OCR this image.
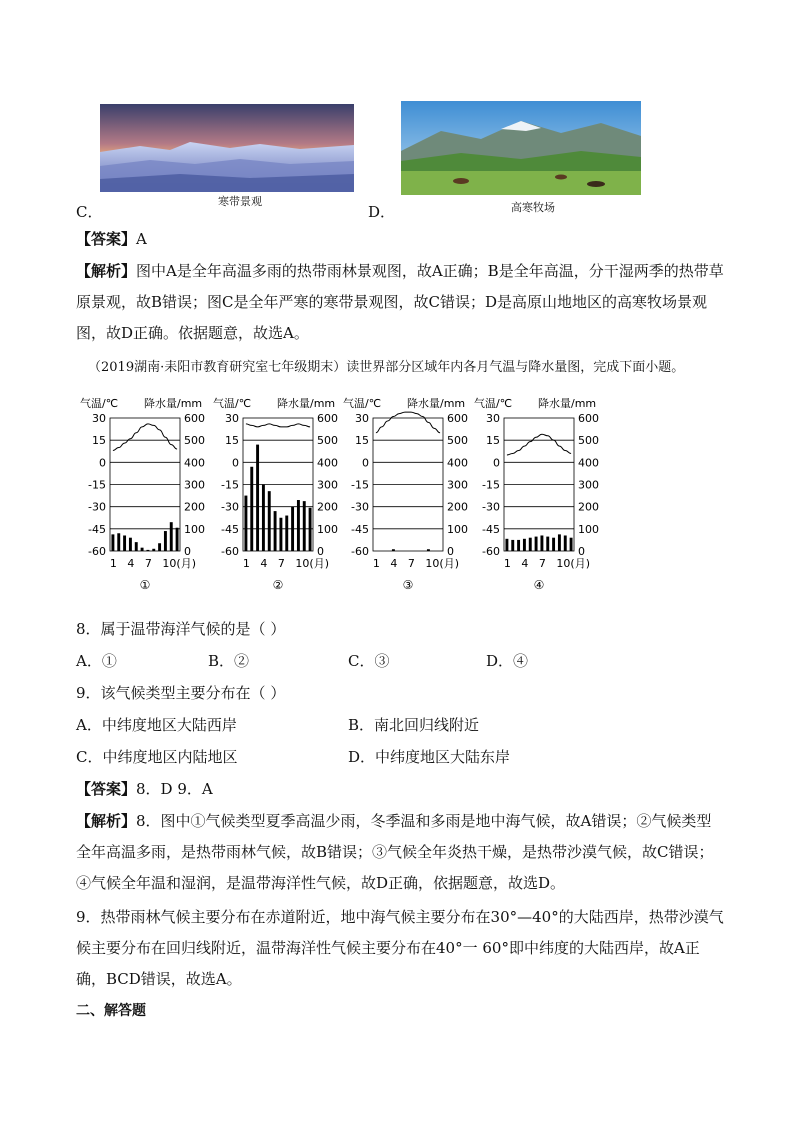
寒带景观
C．	高寒牧场
D．
【答案】A
【解析】图中A是全年高温多雨的热带雨林景观图，故A正确；B是全年高温，分干湿两季的热带草原景观，故B错误；图C是全年严寒的寒带景观图，故C错误；D是高原山地地区的高寒牧场景观图，故D正确。依据题意，故选A。
（2019湖南·耒阳市教育研究室七年级期末）读世界部分区域年内各月气温与降水量图，完成下面小题。
气温/℃ 降水量/mm
30	600
15	500
0	400
-15	300
-30	200
-45	100
-60	0
1 4 7 10(月)
①
气温/℃ 降水量/mm
30	600
15	500
0	400
-15	300
-30	200
-45	100
-60	0
1 4 7 10(月)
②
气温/℃ 降水量/mm
30	600
15	500
0	400
-15	300
-30	200
-45	100
-60	0
1 4 7 10(月)
③
气温/℃ 降水量/mm
30	600
15	500
0	400
-15	300
-30	200
-45	100
-60	0
1 4 7 10(月)
④
8．属于温带海洋气候的是（ ）
A．①	B．②	C．③	D．④
9．该气候类型主要分布在（ ）
A．中纬度地区大陆西岸	B．南北回归线附近
C．中纬度地区内陆地区	D．中纬度地区大陆东岸
【答案】8．D 9．A
【解析】8．图中①气候类型夏季高温少雨，冬季温和多雨是地中海气候，故A错误；②气候类型全年高温多雨，是热带雨林气候，故B错误；③气候全年炎热干燥，是热带沙漠气候，故C错误；④气候全年温和湿润，是温带海洋性气候，故D正确，依据题意，故选D。
9．热带雨林气候主要分布在赤道附近，地中海气候主要分布在30°—40°的大陆西岸，热带沙漠气候主要分布在回归线附近，温带海洋性气候主要分布在40°一 60°即中纬度的大陆西岸，故A正确，BCD错误，故选A。
二、解答题
